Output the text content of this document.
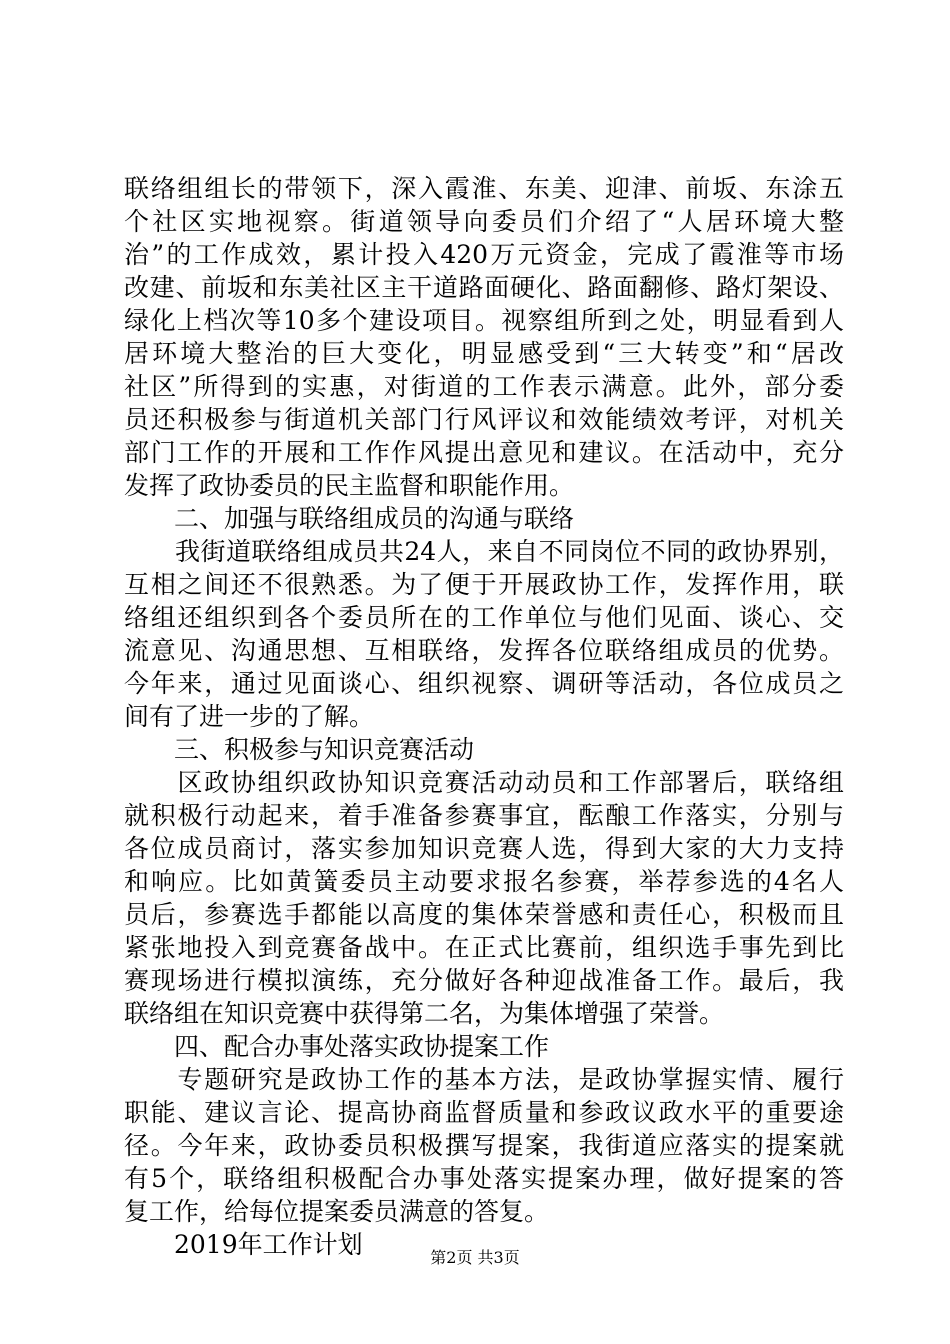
联络组组长的带领下，深入霞淮、东美、迎津、前坂、东涂五
个社区实地视察。街道领导向委员们介绍了“人居环境大整
治”的工作成效，累计投入420万元资金，完成了霞淮等市场
改建、前坂和东美社区主干道路面硬化、路面翻修、路灯架设、
绿化上档次等10多个建设项目。视察组所到之处，明显看到人
居环境大整治的巨大变化，明显感受到“三大转变”和“居改
社区”所得到的实惠，对街道的工作表示满意。此外，部分委
员还积极参与街道机关部门行风评议和效能绩效考评，对机关
部门工作的开展和工作作风提出意见和建议。在活动中，充分
发挥了政协委员的民主监督和职能作用。
　　二、加强与联络组成员的沟通与联络
　　我街道联络组成员共24人，来自不同岗位不同的政协界别，
互相之间还不很熟悉。为了便于开展政协工作，发挥作用，联
络组还组织到各个委员所在的工作单位与他们见面、谈心、交
流意见、沟通思想、互相联络，发挥各位联络组成员的优势。
今年来，通过见面谈心、组织视察、调研等活动，各位成员之
间有了进一步的了解。
　　三、积极参与知识竞赛活动
　　区政协组织政协知识竞赛活动动员和工作部署后，联络组
就积极行动起来，着手准备参赛事宜，酝酿工作落实，分别与
各位成员商讨，落实参加知识竞赛人选，得到大家的大力支持
和响应。比如黄簧委员主动要求报名参赛，举荐参选的4名人
员后，参赛选手都能以高度的集体荣誉感和责任心，积极而且
紧张地投入到竞赛备战中。在正式比赛前，组织选手事先到比
赛现场进行模拟演练，充分做好各种迎战准备工作。最后，我
联络组在知识竞赛中获得第二名，为集体增强了荣誉。
　　四、配合办事处落实政协提案工作
　　专题研究是政协工作的基本方法，是政协掌握实情、履行
职能、建议言论、提高协商监督质量和参政议政水平的重要途
径。今年来，政协委员积极撰写提案，我街道应落实的提案就
有5个，联络组积极配合办事处落实提案办理，做好提案的答
复工作，给每位提案委员满意的答复。
　　2019年工作计划	第2页 共3页
